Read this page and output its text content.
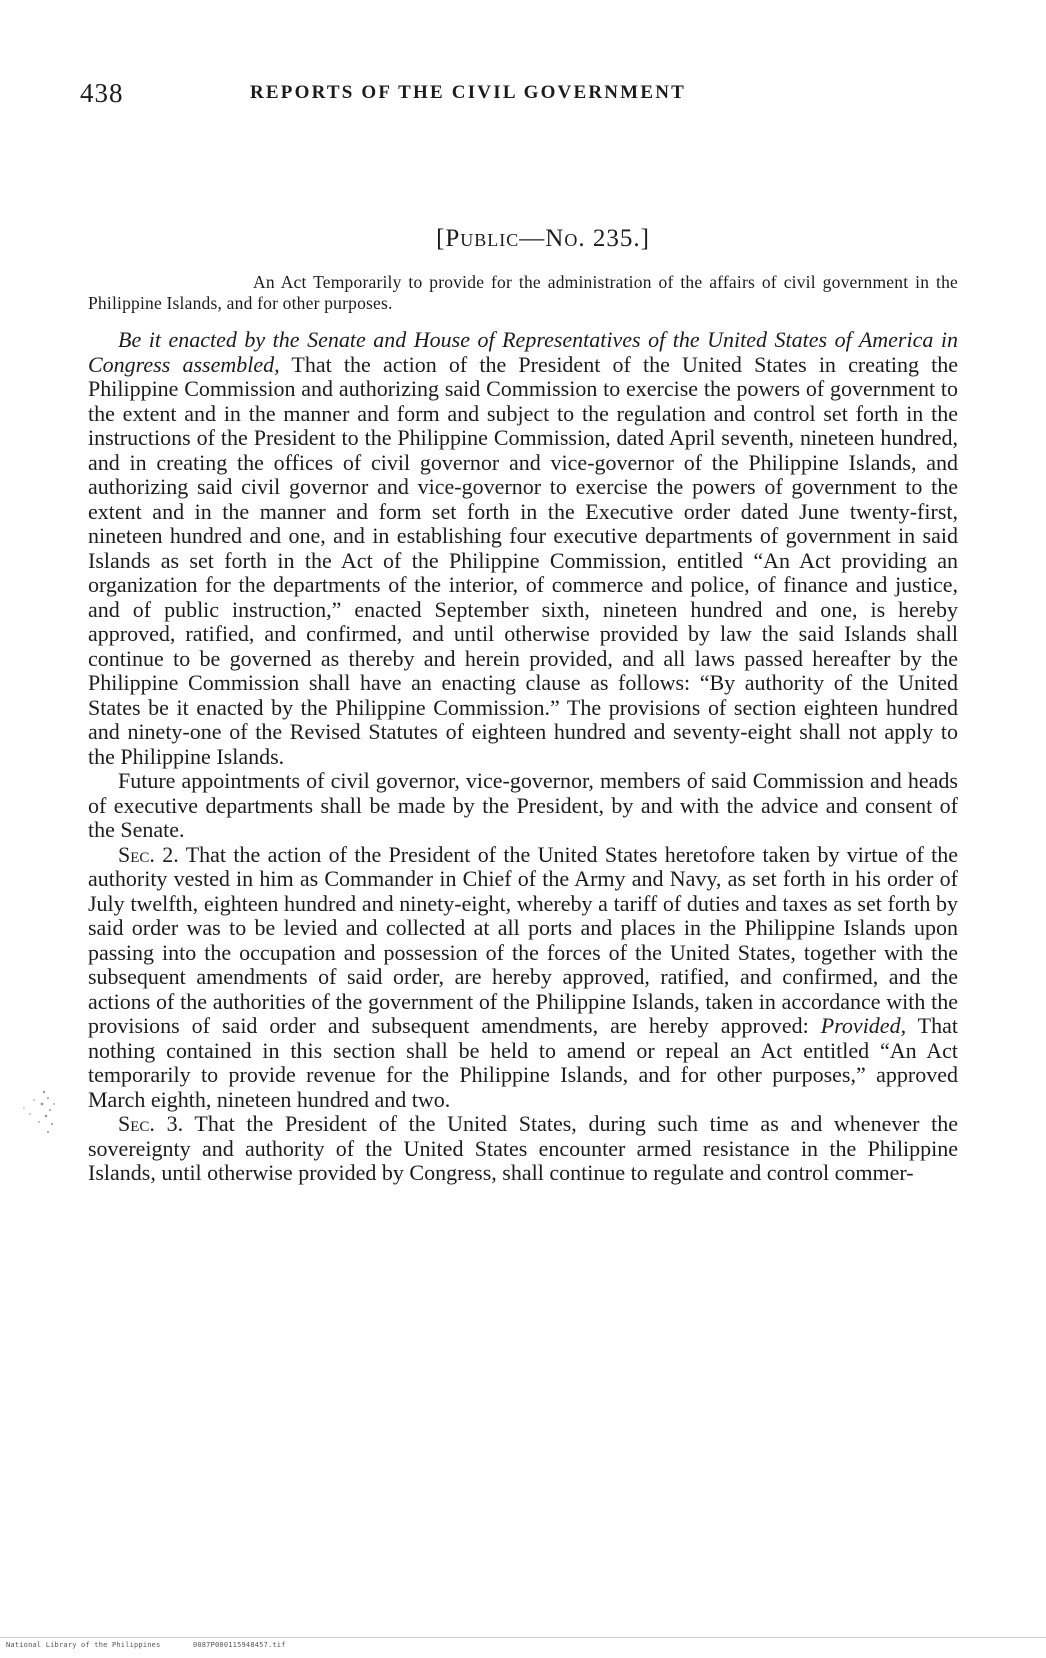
438	REPORTS OF THE CIVIL GOVERNMENT
[Public—No. 235.]
An Act Temporarily to provide for the administration of the affairs of civil government in the Philippine Islands, and for other purposes.

Be it enacted by the Senate and House of Representatives of the United States of America in Congress assembled, That the action of the President of the United States in creating the Philippine Commission and authorizing said Commission to exercise the powers of government to the extent and in the manner and form and subject to the regulation and control set forth in the instructions of the President to the Philippine Commission, dated April seventh, nineteen hundred, and in creating the offices of civil governor and vice-governor of the Philippine Islands, and authorizing said civil governor and vice-governor to exercise the powers of government to the extent and in the manner and form set forth in the Executive order dated June twenty-first, nineteen hundred and one, and in establishing four executive departments of government in said Islands as set forth in the Act of the Philippine Commission, entitled “An Act providing an organization for the departments of the interior, of commerce and police, of finance and justice, and of public instruction,” enacted September sixth, nineteen hundred and one, is hereby approved, ratified, and confirmed, and until otherwise provided by law the said Islands shall continue to be governed as thereby and herein provided, and all laws passed hereafter by the Philippine Commission shall have an enacting clause as follows: “By authority of the United States be it enacted by the Philippine Commission.” The provisions of section eighteen hundred and ninety-one of the Revised Statutes of eighteen hundred and seventy-eight shall not apply to the Philippine Islands.

Future appointments of civil governor, vice-governor, members of said Commission and heads of executive departments shall be made by the President, by and with the advice and consent of the Senate.

Sec. 2. That the action of the President of the United States heretofore taken by virtue of the authority vested in him as Commander in Chief of the Army and Navy, as set forth in his order of July twelfth, eighteen hundred and ninety-eight, whereby a tariff of duties and taxes as set forth by said order was to be levied and collected at all ports and places in the Philippine Islands upon passing into the occupation and possession of the forces of the United States, together with the subsequent amendments of said order, are hereby approved, ratified, and confirmed, and the actions of the authorities of the government of the Philippine Islands, taken in accordance with the provisions of said order and subsequent amendments, are hereby approved: Provided, That nothing contained in this section shall be held to amend or repeal an Act entitled “An Act temporarily to provide revenue for the Philippine Islands, and for other purposes,” approved March eighth, nineteen hundred and two.

Sec. 3. That the President of the United States, during such time as and whenever the sovereignty and authority of the United States encounter armed resistance in the Philippine Islands, until otherwise provided by Congress, shall continue to regulate and control commer-

National Library of the Philippines	0087P000115948457.tif
